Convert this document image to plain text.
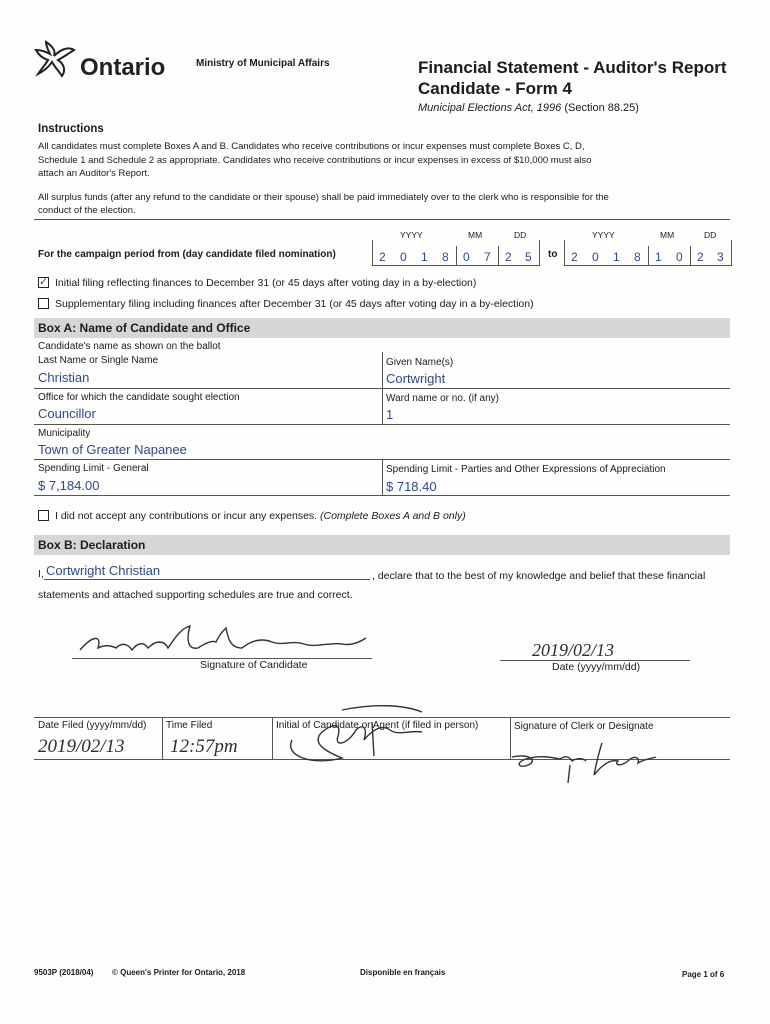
Ontario	Ministry of Municipal Affairs	Financial Statement - Auditor's Report
Candidate - Form 4
Municipal Elections Act, 1996 (Section 88.25)
Instructions
All candidates must complete Boxes A and B. Candidates who receive contributions or incur expenses must complete Boxes C, D,
Schedule 1 and Schedule 2 as appropriate. Candidates who receive contributions or incur expenses in excess of $10,000 must also
attach an Auditor's Report.
All surplus funds (after any refund to the candidate or their spouse) shall be paid immediately over to the clerk who is responsible for the
conduct of the election.
YYYY	MM	DD	YYYY	MM	DD
For the campaign period from (day candidate filed nomination)	2 0 1 8 0 7 2 5 to 2 0 1 8 1 0 2 3
✓ Initial filing reflecting finances to December 31 (or 45 days after voting day in a by-election)
Supplementary filing including finances after December 31 (or 45 days after voting day in a by-election)
Box A: Name of Candidate and Office
Candidate's name as shown on the ballot
Last Name or Single Name
Christian
Given Name(s)
Cortwright
Office for which the candidate sought election
Councillor
Ward name or no. (if any)
1
Municipality
Town of Greater Napanee
Spending Limit - General
$ 7,184.00
Spending Limit - Parties and Other Expressions of Appreciation
$ 718.40
I did not accept any contributions or incur any expenses. (Complete Boxes A and B only)
Box B: Declaration
I, Cortwright Christian	, declare that to the best of my knowledge and belief that these financial
statements and attached supporting schedules are true and correct.
Signature of Candidate
2019/02/13
Date (yyyy/mm/dd)
Date Filed (yyyy/mm/dd)
2019/02/13
Time Filed
12:57pm
Initial of Candidate or Agent (if filed in person)	Signature of Clerk or Designate
9503P (2018/04) © Queen's Printer for Ontario, 2018	Disponible en français	Page 1 of 6
